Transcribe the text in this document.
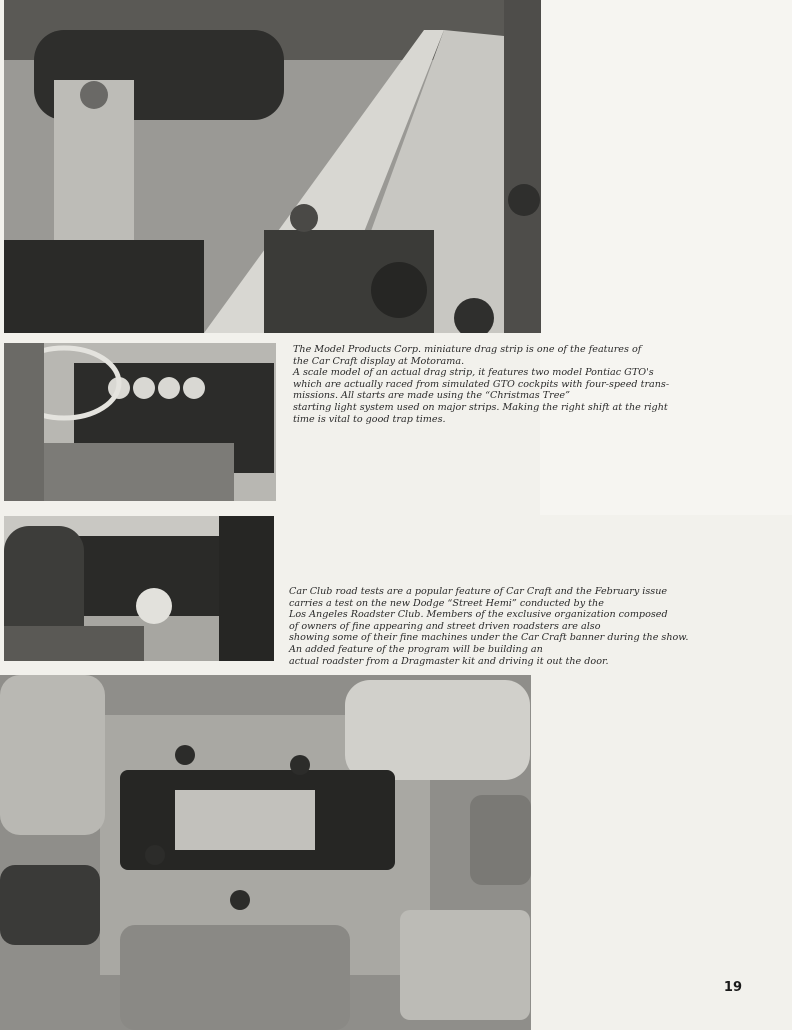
The Model Products Corp. miniature drag strip is one of the features of

the Car Craft display at Motorama.

A scale model of an actual drag strip, it features two model Pontiac GTO's

which are actually raced from simulated GTO cockpits with four-speed trans-

missions. All starts are made using the “Christmas Tree”

starting light system used on major strips. Making the right shift at the right

time is vital to good trap times.

Car Club road tests are a popular feature of Car Craft and the February issue

carries a test on the new Dodge “Street Hemi” conducted by the

Los Angeles Roadster Club. Members of the exclusive organization composed

of owners of fine appearing and street driven roadsters are also

showing some of their fine machines under the Car Craft banner during the show.

An added feature of the program will be building an

actual roadster from a Dragmaster kit and driving it out the door.

19
